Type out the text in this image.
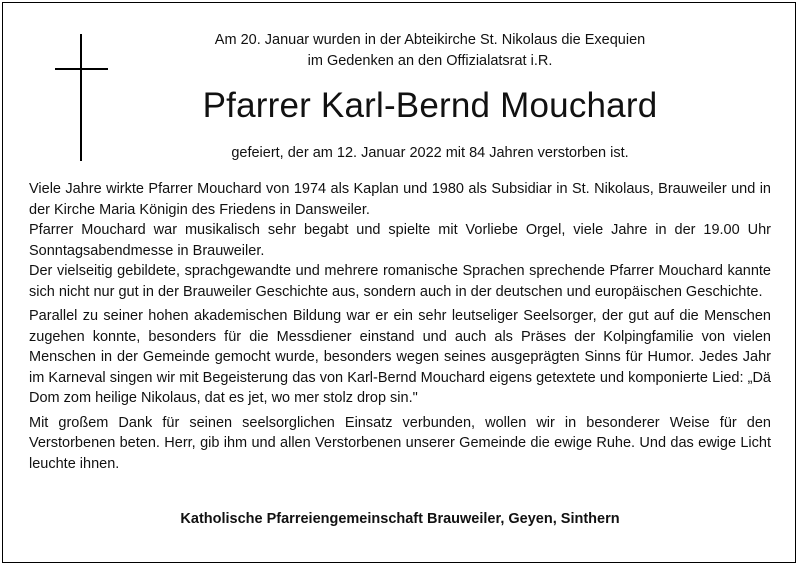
Am 20. Januar wurden in der Abteikirche St. Nikolaus die Exequien
im Gedenken an den Offizialatsrat i.R.
Pfarrer Karl-Bernd Mouchard
gefeiert, der am 12. Januar 2022 mit 84 Jahren verstorben ist.

Viele Jahre wirkte Pfarrer Mouchard von 1974 als Kaplan und 1980 als Subsidiar in St. Nikolaus, Brauweiler und in der Kirche Maria Königin des Friedens in Dansweiler.

Pfarrer Mouchard war musikalisch sehr begabt und spielte mit Vorliebe Orgel, viele Jahre in der 19.00 Uhr Sonntagsabendmesse in Brauweiler.

Der vielseitig gebildete, sprachgewandte und mehrere romanische Sprachen sprechende Pfarrer Mouchard kannte sich nicht nur gut in der Brauweiler Geschichte aus, sondern auch in der deutschen und europäischen Geschichte.

Parallel zu seiner hohen akademischen Bildung war er ein sehr leutseliger Seelsorger, der gut auf die Menschen zugehen konnte, besonders für die Messdiener einstand und auch als Präses der Kolpingfamilie von vielen Menschen in der Gemeinde gemocht wurde, besonders wegen seines ausgeprägten Sinns für Humor. Jedes Jahr im Karneval singen wir mit Begeisterung das von Karl-Bernd Mouchard eigens getextete und komponierte Lied: „Dä Dom zom heilige Nikolaus, dat es jet, wo mer stolz drop sin."

Mit großem Dank für seinen seelsorglichen Einsatz verbunden, wollen wir in besonderer Weise für den Verstorbenen beten. Herr, gib ihm und allen Verstorbenen unserer Gemeinde die ewige Ruhe. Und das ewige Licht leuchte ihnen.

Katholische Pfarreiengemeinschaft Brauweiler, Geyen, Sinthern
